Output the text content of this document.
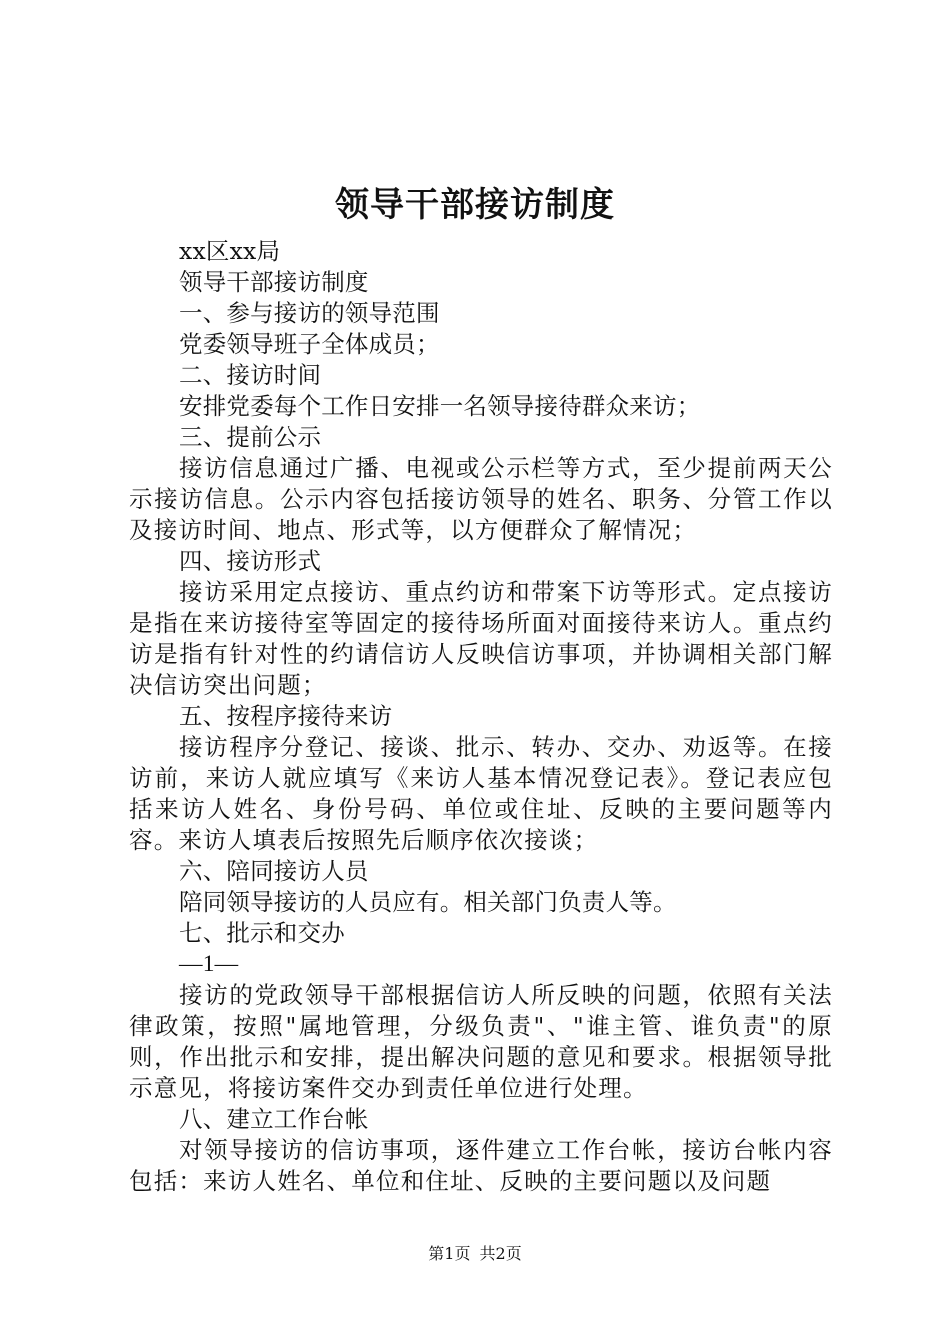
领导干部接访制度
xx区xx局
领导干部接访制度
一、参与接访的领导范围
党委领导班子全体成员；
二、接访时间
安排党委每个工作日安排一名领导接待群众来访；
三、提前公示

接访信息通过广播、电视或公示栏等方式，至少提前两天公示接访信息。公示内容包括接访领导的姓名、职务、分管工作以及接访时间、地点、形式等，以方便群众了解情况；

四、接访形式

接访采用定点接访、重点约访和带案下访等形式。定点接访是指在来访接待室等固定的接待场所面对面接待来访人。重点约访是指有针对性的约请信访人反映信访事项，并协调相关部门解决信访突出问题；

五、按程序接待来访

接访程序分登记、接谈、批示、转办、交办、劝返等。在接访前，来访人就应填写《来访人基本情况登记表》。登记表应包括来访人姓名、身份号码、单位或住址、反映的主要问题等内容。来访人填表后按照先后顺序依次接谈；

六、陪同接访人员
陪同领导接访的人员应有。相关部门负责人等。
七、批示和交办
—1—

接访的党政领导干部根据信访人所反映的问题，依照有关法律政策，按照"属地管理，分级负责"、"谁主管、谁负责"的原则，作出批示和安排，提出解决问题的意见和要求。根据领导批示意见，将接访案件交办到责任单位进行处理。

八、建立工作台帐

对领导接访的信访事项，逐件建立工作台帐，接访台帐内容包括：来访人姓名、单位和住址、反映的主要问题以及问题

第1页 共2页
